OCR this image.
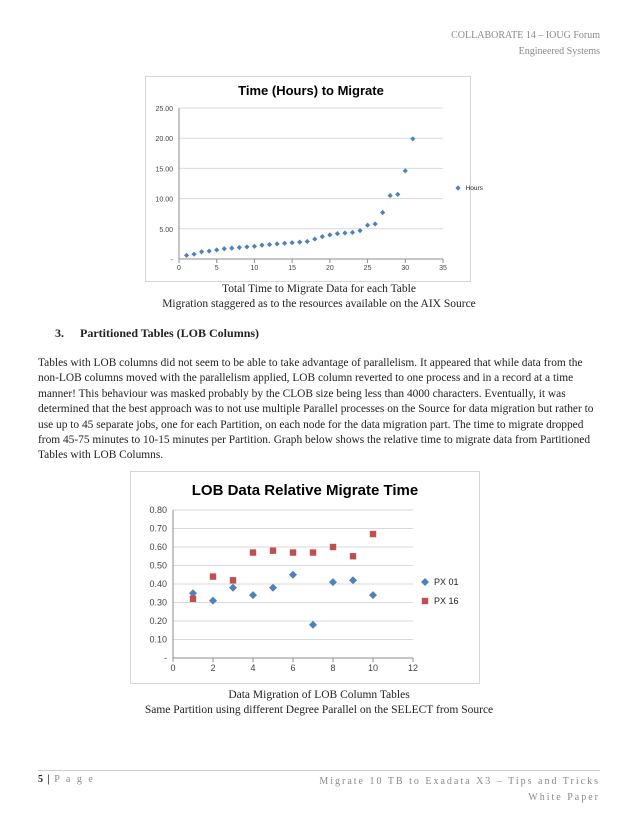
COLLABORATE 14 – IOUG Forum
Engineered Systems
Time (Hours) to Migrate
-
5.00
10.00
15.00
20.00
25.00
0	5	10	15	20	25	30	35
Hours
Total Time to Migrate Data for each Table
Migration staggered as to the resources available on the AIX Source
3. Partitioned Tables (LOB Columns)

Tables with LOB columns did not seem to be able to take advantage of parallelism. It appeared that while data from the non-LOB columns moved with the parallelism applied, LOB column reverted to one process and in a record at a time manner! This behaviour was masked probably by the CLOB size being less than 4000 characters. Eventually, it was determined that the best approach was to not use multiple Parallel processes on the Source for data migration but rather to use up to 45 separate jobs, one for each Partition, on each node for the data migration part. The time to migrate dropped from 45-75 minutes to 10-15 minutes per Partition. Graph below shows the relative time to migrate data from Partitioned Tables with LOB Columns.

LOB Data Relative Migrate Time
-
0.10
0.20
0.30
0.40
0.50
0.60
0.70
0.80
0	2	4	6	8	10	12
PX 01
PX 16
Data Migration of LOB Column Tables
Same Partition using different Degree Parallel on the SELECT from Source
5 | P a g e	Migrate 10 TB to Exadata X3 – Tips and Tricks
White Paper
